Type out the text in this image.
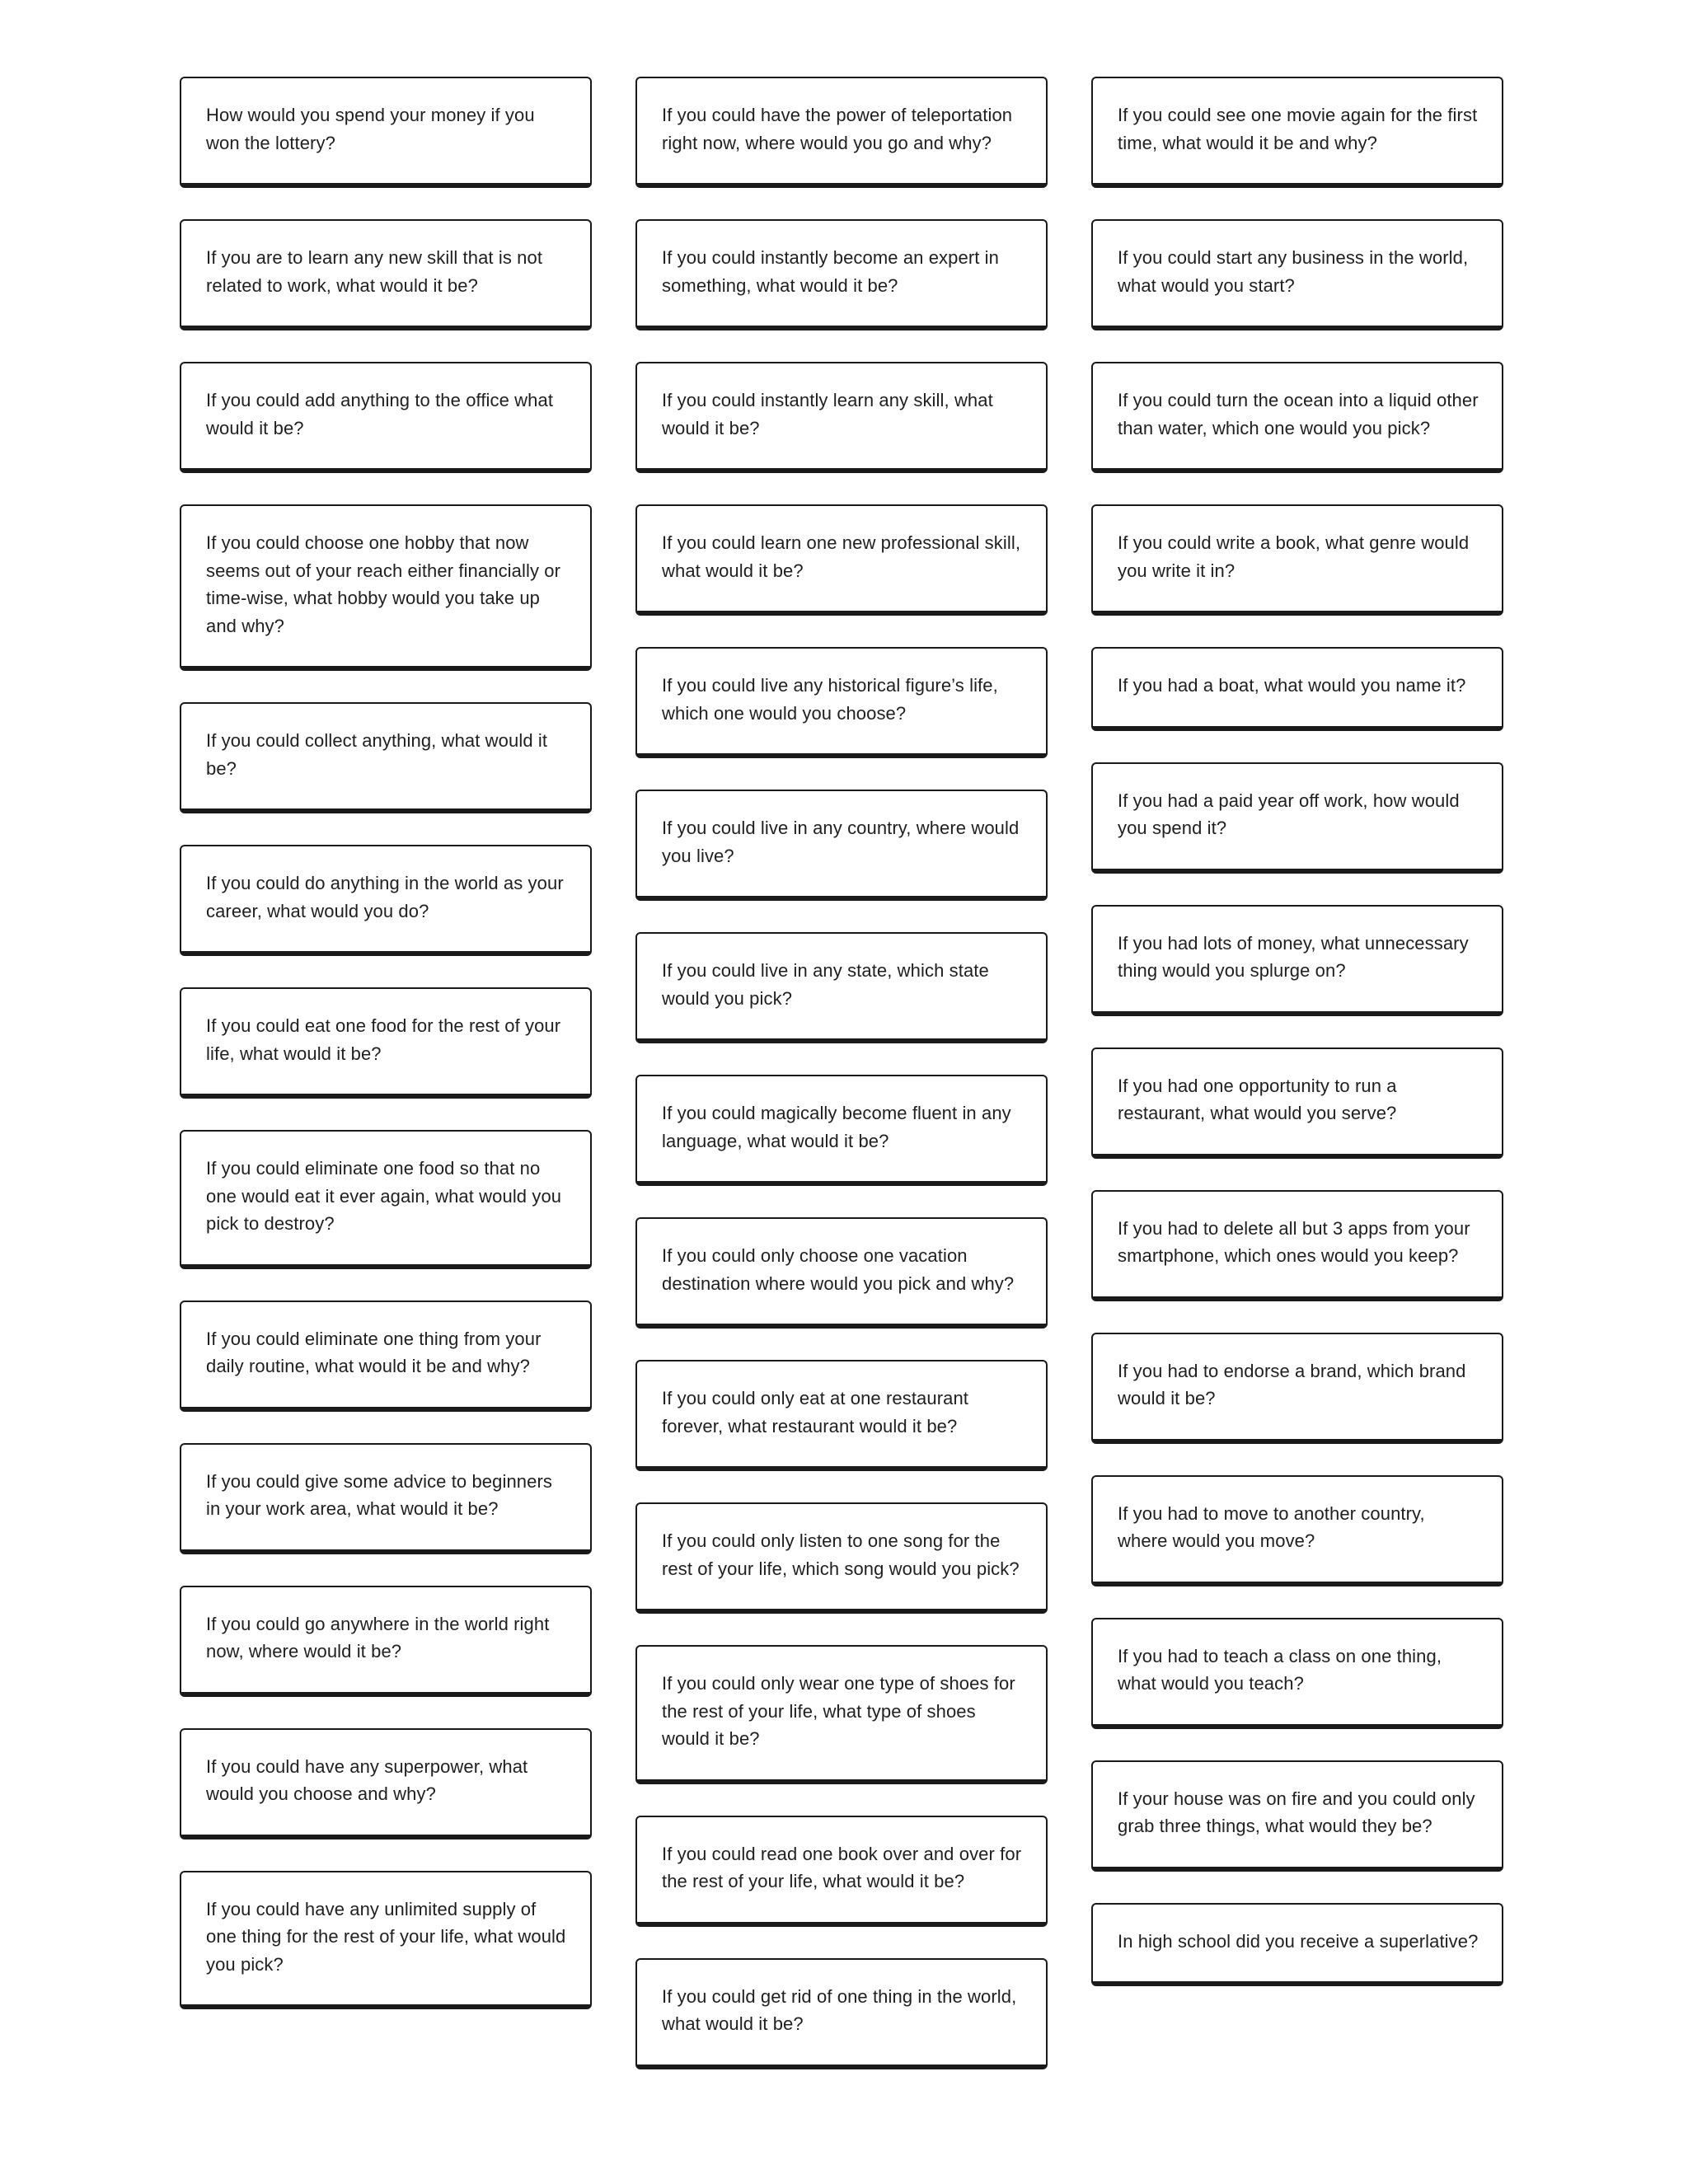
How would you spend your money if you won the lottery?
If you are to learn any new skill that is not related to work, what would it be?
If you could add anything to the office what would it be?
If you could choose one hobby that now seems out of your reach either financially or time-wise, what hobby would you take up and why?
If you could collect anything, what would it be?
If you could do anything in the world as your career, what would you do?
If you could eat one food for the rest of your life, what would it be?
If you could eliminate one food so that no one would eat it ever again, what would you pick to destroy?
If you could eliminate one thing from your daily routine, what would it be and why?
If you could give some advice to beginners in your work area, what would it be?
If you could go anywhere in the world right now, where would it be?
If you could have any superpower, what would you choose and why?
If you could have any unlimited supply of one thing for the rest of your life, what would you pick?
If you could have the power of teleportation right now, where would you go and why?
If you could instantly become an expert in something, what would it be?
If you could instantly learn any skill, what would it be?
If you could learn one new professional skill, what would it be?
If you could live any historical figure’s life, which one would you choose?
If you could live in any country, where would you live?
If you could live in any state, which state would you pick?
If you could magically become fluent in any language, what would it be?
If you could only choose one vacation destination where would you pick and why?
If you could only eat at one restaurant forever, what restaurant would it be?
If you could only listen to one song for the rest of your life, which song would you pick?
If you could only wear one type of shoes for the rest of your life, what type of shoes would it be?
If you could read one book over and over for the rest of your life, what would it be?
If you could get rid of one thing in the world, what would it be?
If you could see one movie again for the first time, what would it be and why?
If you could start any business in the world, what would you start?
If you could turn the ocean into a liquid other than water, which one would you pick?
If you could write a book, what genre would you write it in?
If you had a boat, what would you name it?
If you had a paid year off work, how would you spend it?
If you had lots of money, what unnecessary thing would you splurge on?
If you had one opportunity to run a restaurant, what would you serve?
If you had to delete all but 3 apps from your smartphone, which ones would you keep?
If you had to endorse a brand, which brand would it be?
If you had to move to another country, where would you move?
If you had to teach a class on one thing, what would you teach?
If your house was on fire and you could only grab three things, what would they be?
In high school did you receive a superlative?
